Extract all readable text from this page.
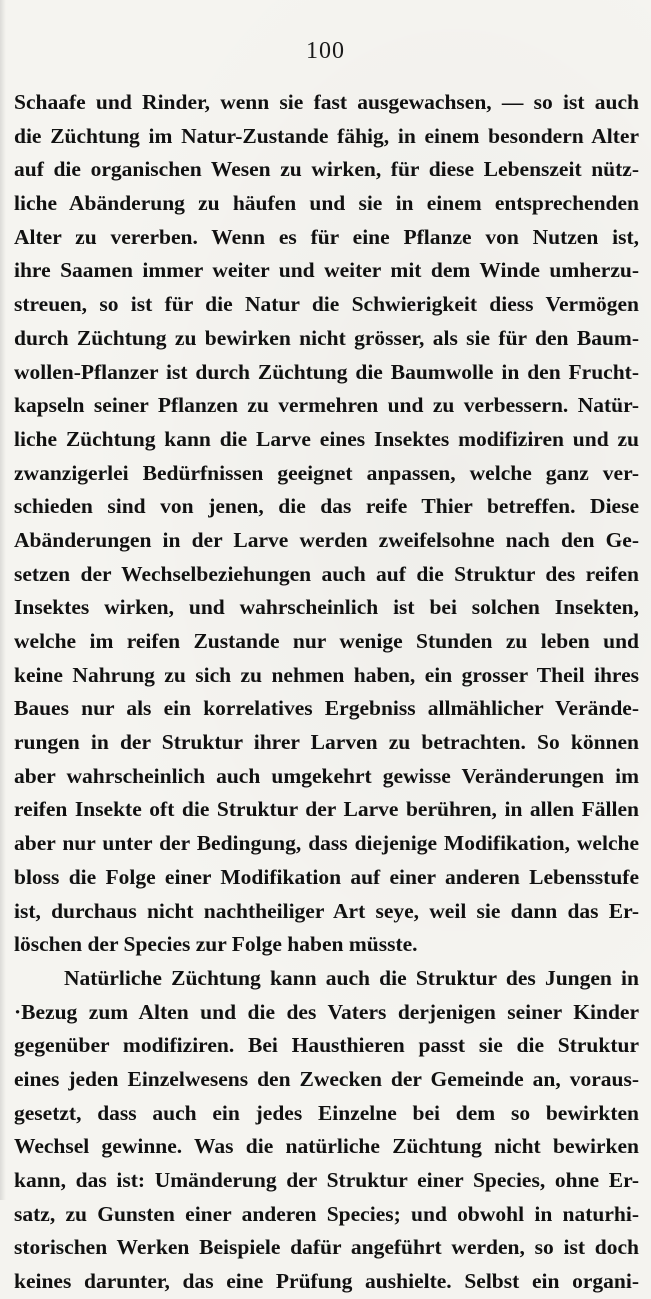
100
Schaafe und Rinder, wenn sie fast ausgewachsen, — so ist auch
die Züchtung im Natur-Zustande fähig, in einem besondern Alter
auf die organischen Wesen zu wirken, für diese Lebenszeit nütz-
liche Abänderung zu häufen und sie in einem entsprechenden
Alter zu vererben. Wenn es für eine Pflanze von Nutzen ist,
ihre Saamen immer weiter und weiter mit dem Winde umherzu-
streuen, so ist für die Natur die Schwierigkeit diess Vermögen
durch Züchtung zu bewirken nicht grösser, als sie für den Baum-
wollen-Pflanzer ist durch Züchtung die Baumwolle in den Frucht-
kapseln seiner Pflanzen zu vermehren und zu verbessern. Natür-
liche Züchtung kann die Larve eines Insektes modifiziren und zu
zwanzigerlei Bedürfnissen geeignet anpassen, welche ganz ver-
schieden sind von jenen, die das reife Thier betreffen. Diese
Abänderungen in der Larve werden zweifelsohne nach den Ge-
setzen der Wechselbeziehungen auch auf die Struktur des reifen
Insektes wirken, und wahrscheinlich ist bei solchen Insekten,
welche im reifen Zustande nur wenige Stunden zu leben und
keine Nahrung zu sich zu nehmen haben, ein grosser Theil ihres
Baues nur als ein korrelatives Ergebniss allmählicher Verände-
rungen in der Struktur ihrer Larven zu betrachten. So können
aber wahrscheinlich auch umgekehrt gewisse Veränderungen im
reifen Insekte oft die Struktur der Larve berühren, in allen Fällen
aber nur unter der Bedingung, dass diejenige Modifikation, welche
bloss die Folge einer Modifikation auf einer anderen Lebensstufe
ist, durchaus nicht nachtheiliger Art seye, weil sie dann das Er-
löschen der Species zur Folge haben müsste.
Natürliche Züchtung kann auch die Struktur des Jungen in
·Bezug zum Alten und die des Vaters derjenigen seiner Kinder
gegenüber modifiziren. Bei Hausthieren passt sie die Struktur
eines jeden Einzelwesens den Zwecken der Gemeinde an, voraus-
gesetzt, dass auch ein jedes Einzelne bei dem so bewirkten
Wechsel gewinne. Was die natürliche Züchtung nicht bewirken
kann, das ist: Umänderung der Struktur einer Species, ohne Er-
satz, zu Gunsten einer anderen Species; und obwohl in naturhi-
storischen Werken Beispiele dafür angeführt werden, so ist doch
keines darunter, das eine Prüfung aushielte. Selbst ein organi-
